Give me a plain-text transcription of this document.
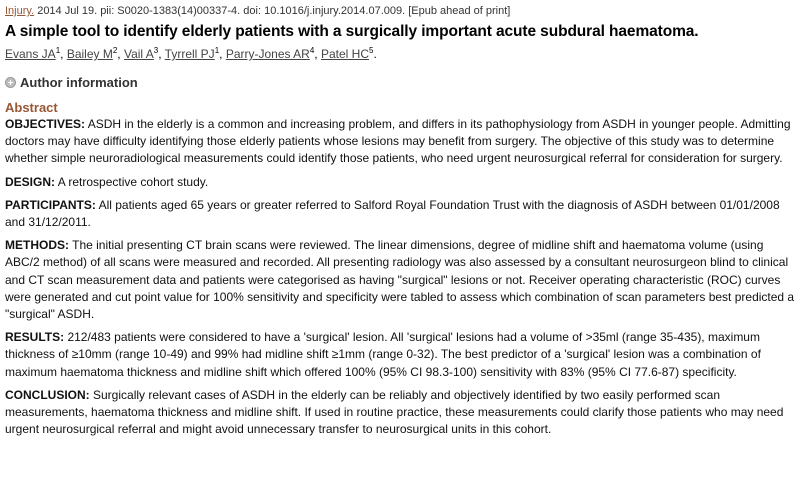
Injury. 2014 Jul 19. pii: S0020-1383(14)00337-4. doi: 10.1016/j.injury.2014.07.009. [Epub ahead of print]
A simple tool to identify elderly patients with a surgically important acute subdural haematoma.
Evans $JA^1$, Bailey $M^2$, Vail $A^3$, Tyrrell $PJ^1$, Parry-Jones $AR^4$, Patel $HC^5$.
Author information
Abstract

OBJECTIVES: ASDH in the elderly is a common and increasing problem, and differs in its pathophysiology from ASDH in younger people. Admitting doctors may have difficulty identifying those elderly patients whose lesions may benefit from surgery. The objective of this study was to determine whether simple neuroradiological measurements could identify those patients, who need urgent neurosurgical referral for consideration for surgery.

DESIGN: A retrospective cohort study.

PARTICIPANTS: All patients aged 65 years or greater referred to Salford Royal Foundation Trust with the diagnosis of ASDH between 01/01/2008 and 31/12/2011.

METHODS: The initial presenting CT brain scans were reviewed. The linear dimensions, degree of midline shift and haematoma volume (using ABC/2 method) of all scans were measured and recorded. All presenting radiology was also assessed by a consultant neurosurgeon blind to clinical and CT scan measurement data and patients were categorised as having "surgical" lesions or not. Receiver operating characteristic (ROC) curves were generated and cut point value for 100% sensitivity and specificity were tabled to assess which combination of scan parameters best predicted a "surgical" ASDH.

RESULTS: 212/483 patients were considered to have a 'surgical' lesion. All 'surgical' lesions had a volume of >35ml (range 35-435), maximum thickness of ≥10mm (range 10-49) and 99% had midline shift ≥1mm (range 0-32). The best predictor of a 'surgical' lesion was a combination of maximum haematoma thickness and midline shift which offered 100% (95% CI 98.3-100) sensitivity with 83% (95% CI 77.6-87) specificity.

CONCLUSION: Surgically relevant cases of ASDH in the elderly can be reliably and objectively identified by two easily performed scan measurements, haematoma thickness and midline shift. If used in routine practice, these measurements could clarify those patients who may need urgent neurosurgical referral and might avoid unnecessary transfer to neurosurgical units in this cohort.
